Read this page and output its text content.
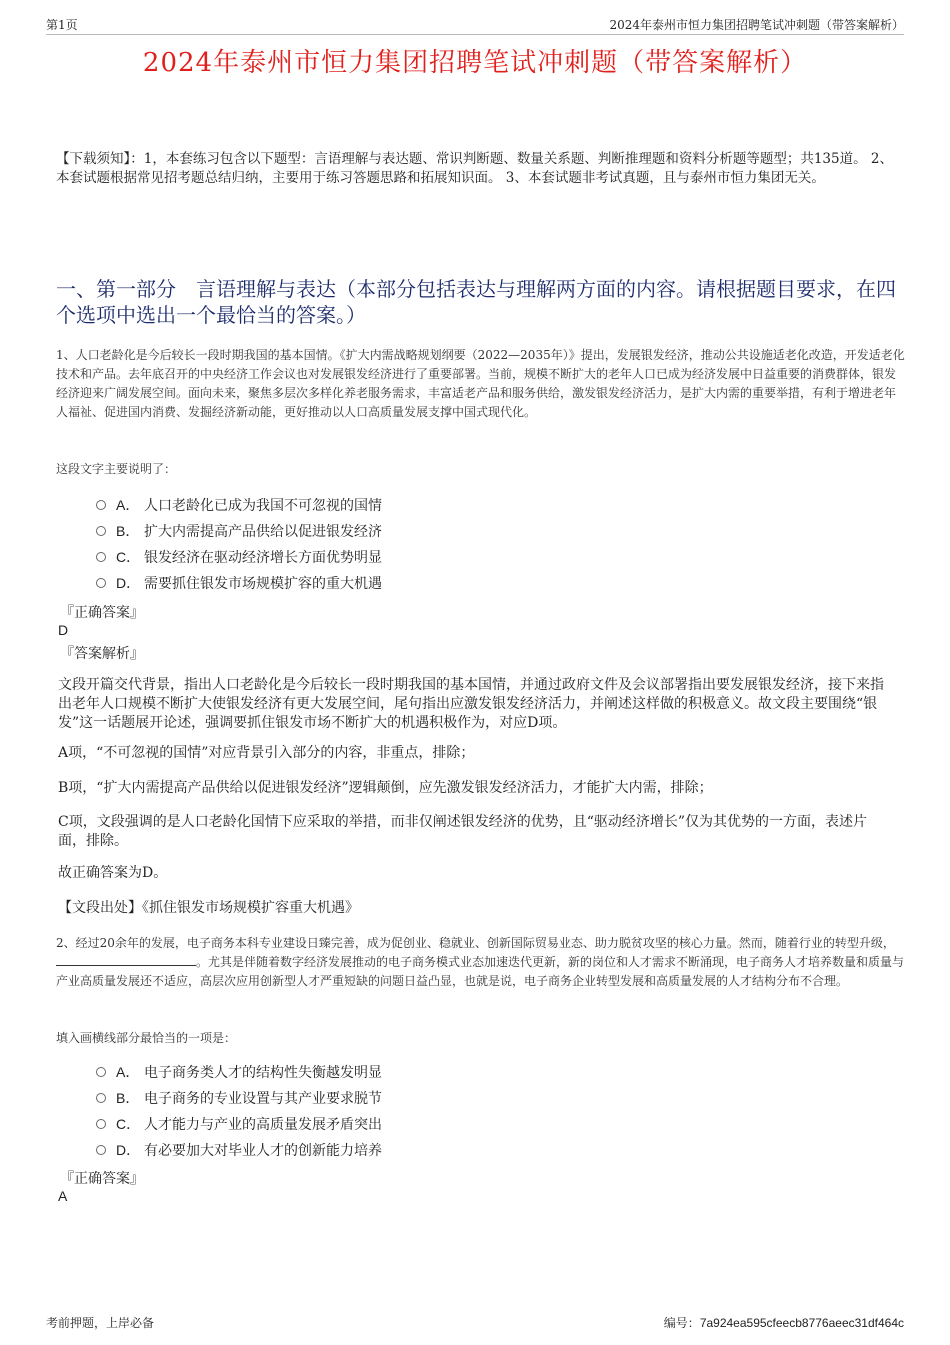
第1页	2024年泰州市恒力集团招聘笔试冲刺题（带答案解析）
2024年泰州市恒力集团招聘笔试冲刺题（带答案解析）
【下载须知】：1，本套练习包含以下题型：言语理解与表达题、常识判断题、数量关系题、判断推理题和资料分析题等题型；共135道。 2、本套试题根据常见招考题总结归纳，主要用于练习答题思路和拓展知识面。 3、本套试题非考试真题，且与泰州市恒力集团无关。
一、第一部分　言语理解与表达（本部分包括表达与理解两方面的内容。请根据题目要求，在四个选项中选出一个最恰当的答案。）
1、人口老龄化是今后较长一段时期我国的基本国情。《扩大内需战略规划纲要（2022—2035年）》提出，发展银发经济，推动公共设施适老化改造，开发适老化技术和产品。去年底召开的中央经济工作会议也对发展银发经济进行了重要部署。当前，规模不断扩大的老年人口已成为经济发展中日益重要的消费群体，银发经济迎来广阔发展空间。面向未来，聚焦多层次多样化养老服务需求，丰富适老产品和服务供给，激发银发经济活力，是扩大内需的重要举措，有利于增进老年人福祉、促进国内消费、发掘经济新动能，更好推动以人口高质量发展支撑中国式现代化。
这段文字主要说明了：
A． 人口老龄化已成为我国不可忽视的国情
B． 扩大内需提高产品供给以促进银发经济
C． 银发经济在驱动经济增长方面优势明显
D． 需要抓住银发市场规模扩容的重大机遇
『正确答案』
D
『答案解析』
文段开篇交代背景，指出人口老龄化是今后较长一段时期我国的基本国情，并通过政府文件及会议部署指出要发展银发经济，接下来指出老年人口规模不断扩大使银发经济有更大发展空间，尾句指出应激发银发经济活力，并阐述这样做的积极意义。故文段主要围绕“银发”这一话题展开论述，强调要抓住银发市场不断扩大的机遇积极作为，对应D项。
A项，“不可忽视的国情”对应背景引入部分的内容，非重点，排除；
B项，“扩大内需提高产品供给以促进银发经济”逻辑颠倒，应先激发银发经济活力，才能扩大内需，排除；
C项，文段强调的是人口老龄化国情下应采取的举措，而非仅阐述银发经济的优势，且“驱动经济增长”仅为其优势的一方面，表述片面，排除。
故正确答案为D。
【文段出处】《抓住银发市场规模扩容重大机遇》
2、经过20余年的发展，电子商务本科专业建设日臻完善，成为促创业、稳就业、创新国际贸易业态、助力脱贫攻坚的核心力量。然而，随着行业的转型升级，。尤其是伴随着数字经济发展推动的电子商务模式业态加速迭代更新，新的岗位和人才需求不断涌现，电子商务人才培养数量和质量与产业高质量发展还不适应，高层次应用创新型人才严重短缺的问题日益凸显，也就是说，电子商务企业转型发展和高质量发展的人才结构分布不合理。
填入画横线部分最恰当的一项是：
A． 电子商务类人才的结构性失衡越发明显
B． 电子商务的专业设置与其产业要求脱节
C． 人才能力与产业的高质量发展矛盾突出
D． 有必要加大对毕业人才的创新能力培养
『正确答案』
A
考前押题，上岸必备	编号：7a924ea595cfeecb8776aeec31df464c
